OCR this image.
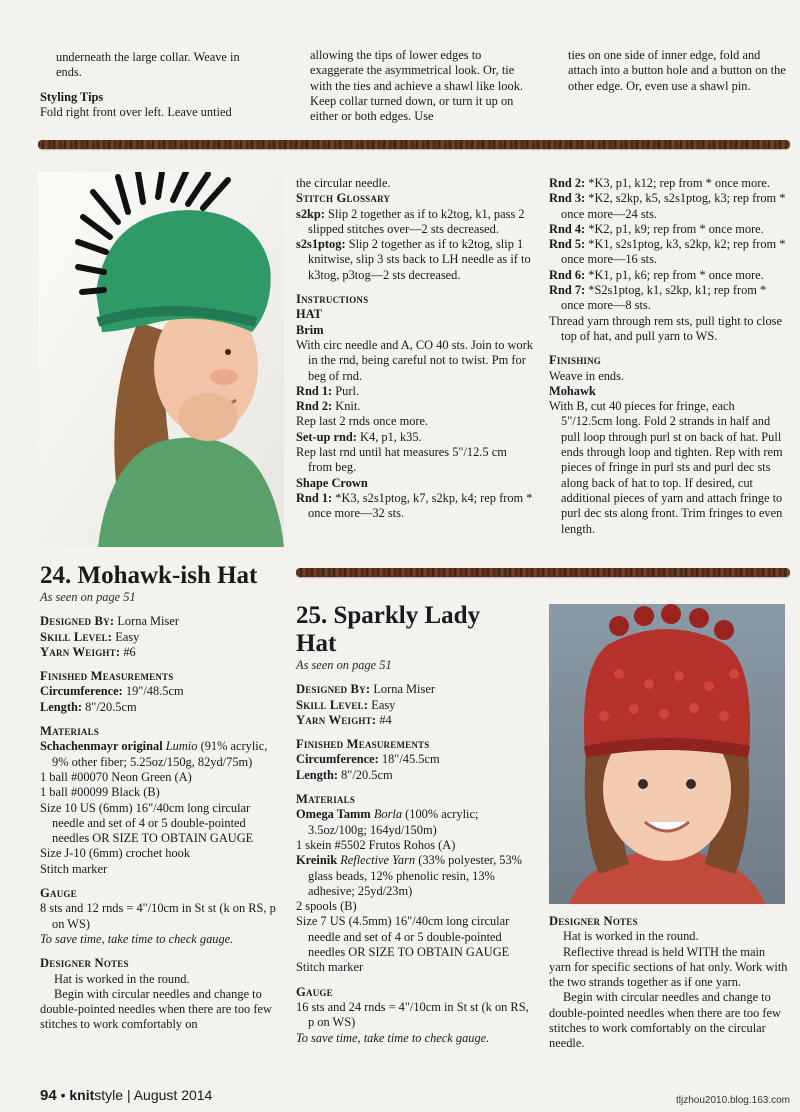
underneath the large collar. Weave in ends.

Styling Tips

Fold right front over left. Leave untied

allowing the tips of lower edges to exaggerate the asymmetrical look. Or, tie with the ties and achieve a shawl like look. Keep collar turned down, or turn it up on either or both edges. Use

ties on one side of inner edge, fold and attach into a button hole and a button on the other edge. Or, even use a shawl pin.

24. Mohawk-ish Hat

As seen on page 51

Designed By: Lorna Miser

Skill Level: Easy

Yarn Weight: #6

Finished Measurements

Circumference: 19"/48.5cm

Length: 8"/20.5cm

Materials

Schachenmayr original Lumio (91% acrylic, 9% other fiber; 5.25oz/150g, 82yd/75m)

1 ball #00070 Neon Green (A)

1 ball #00099 Black (B)

Size 10 US (6mm) 16"/40cm long circular needle and set of 4 or 5 double-pointed needles OR SIZE TO OBTAIN GAUGE

Size J-10 (6mm) crochet hook

Stitch marker

Gauge

8 sts and 12 rnds = 4"/10cm in St st (k on RS, p on WS)

To save time, take time to check gauge.

Designer Notes

Hat is worked in the round.

Begin with circular needles and change to double-pointed needles when there are too few stitches to work comfortably on

the circular needle.

Stitch Glossary

s2kp: Slip 2 together as if to k2tog, k1, pass 2 slipped stitches over—2 sts decreased.

s2s1ptog: Slip 2 together as if to k2tog, slip 1 knitwise, slip 3 sts back to LH needle as if to k3tog, p3tog—2 sts decreased.

Instructions

HAT

Brim

With circ needle and A, CO 40 sts. Join to work in the rnd, being careful not to twist. Pm for beg of rnd.

Rnd 1: Purl.

Rnd 2: Knit.

Rep last 2 rnds once more.

Set-up rnd: K4, p1, k35.

Rep last rnd until hat measures 5"/12.5 cm from beg.

Shape Crown

Rnd 1: *K3, s2s1ptog, k7, s2kp, k4; rep from * once more—32 sts.

Rnd 2: *K3, p1, k12; rep from * once more.

Rnd 3: *K2, s2kp, k5, s2s1ptog, k3; rep from * once more—24 sts.

Rnd 4: *K2, p1, k9; rep from * once more.

Rnd 5: *K1, s2s1ptog, k3, s2kp, k2; rep from * once more—16 sts.

Rnd 6: *K1, p1, k6; rep from * once more.

Rnd 7: *S2s1ptog, k1, s2kp, k1; rep from * once more—8 sts.

Thread yarn through rem sts, pull tight to close top of hat, and pull yarn to WS.

Finishing

Weave in ends.

Mohawk

With B, cut 40 pieces for fringe, each 5"/12.5cm long. Fold 2 strands in half and pull loop through purl st on back of hat. Pull ends through loop and tighten. Rep with rem pieces of fringe in purl sts and purl dec sts along back of hat to top. If desired, cut additional pieces of yarn and attach fringe to purl dec sts along front. Trim fringes to even length.

25. Sparkly Lady
Hat

As seen on page 51

Designed By: Lorna Miser

Skill Level: Easy

Yarn Weight: #4

Finished Measurements

Circumference: 18"/45.5cm

Length: 8"/20.5cm

Materials

Omega Tamm Borla (100% acrylic; 3.5oz/100g; 164yd/150m)

1 skein #5502 Frutos Rohos (A)

Kreinik Reflective Yarn (33% polyester, 53% glass beads, 12% phenolic resin, 13% adhesive; 25yd/23m)

2 spools (B)

Size 7 US (4.5mm) 16"/40cm long circular needle and set of 4 or 5 double-pointed needles OR SIZE TO OBTAIN GAUGE

Stitch marker

Gauge

16 sts and 24 rnds = 4"/10cm in St st (k on RS, p on WS)

To save time, take time to check gauge.

Designer Notes

Hat is worked in the round.

Reflective thread is held WITH the main yarn for specific sections of hat only. Work with the two strands together as if one yarn.

Begin with circular needles and change to double-pointed needles when there are too few stitches to work comfortably on the circular needle.

94 • knitstyle | August 2014	tljzhou2010.blog.163.com
